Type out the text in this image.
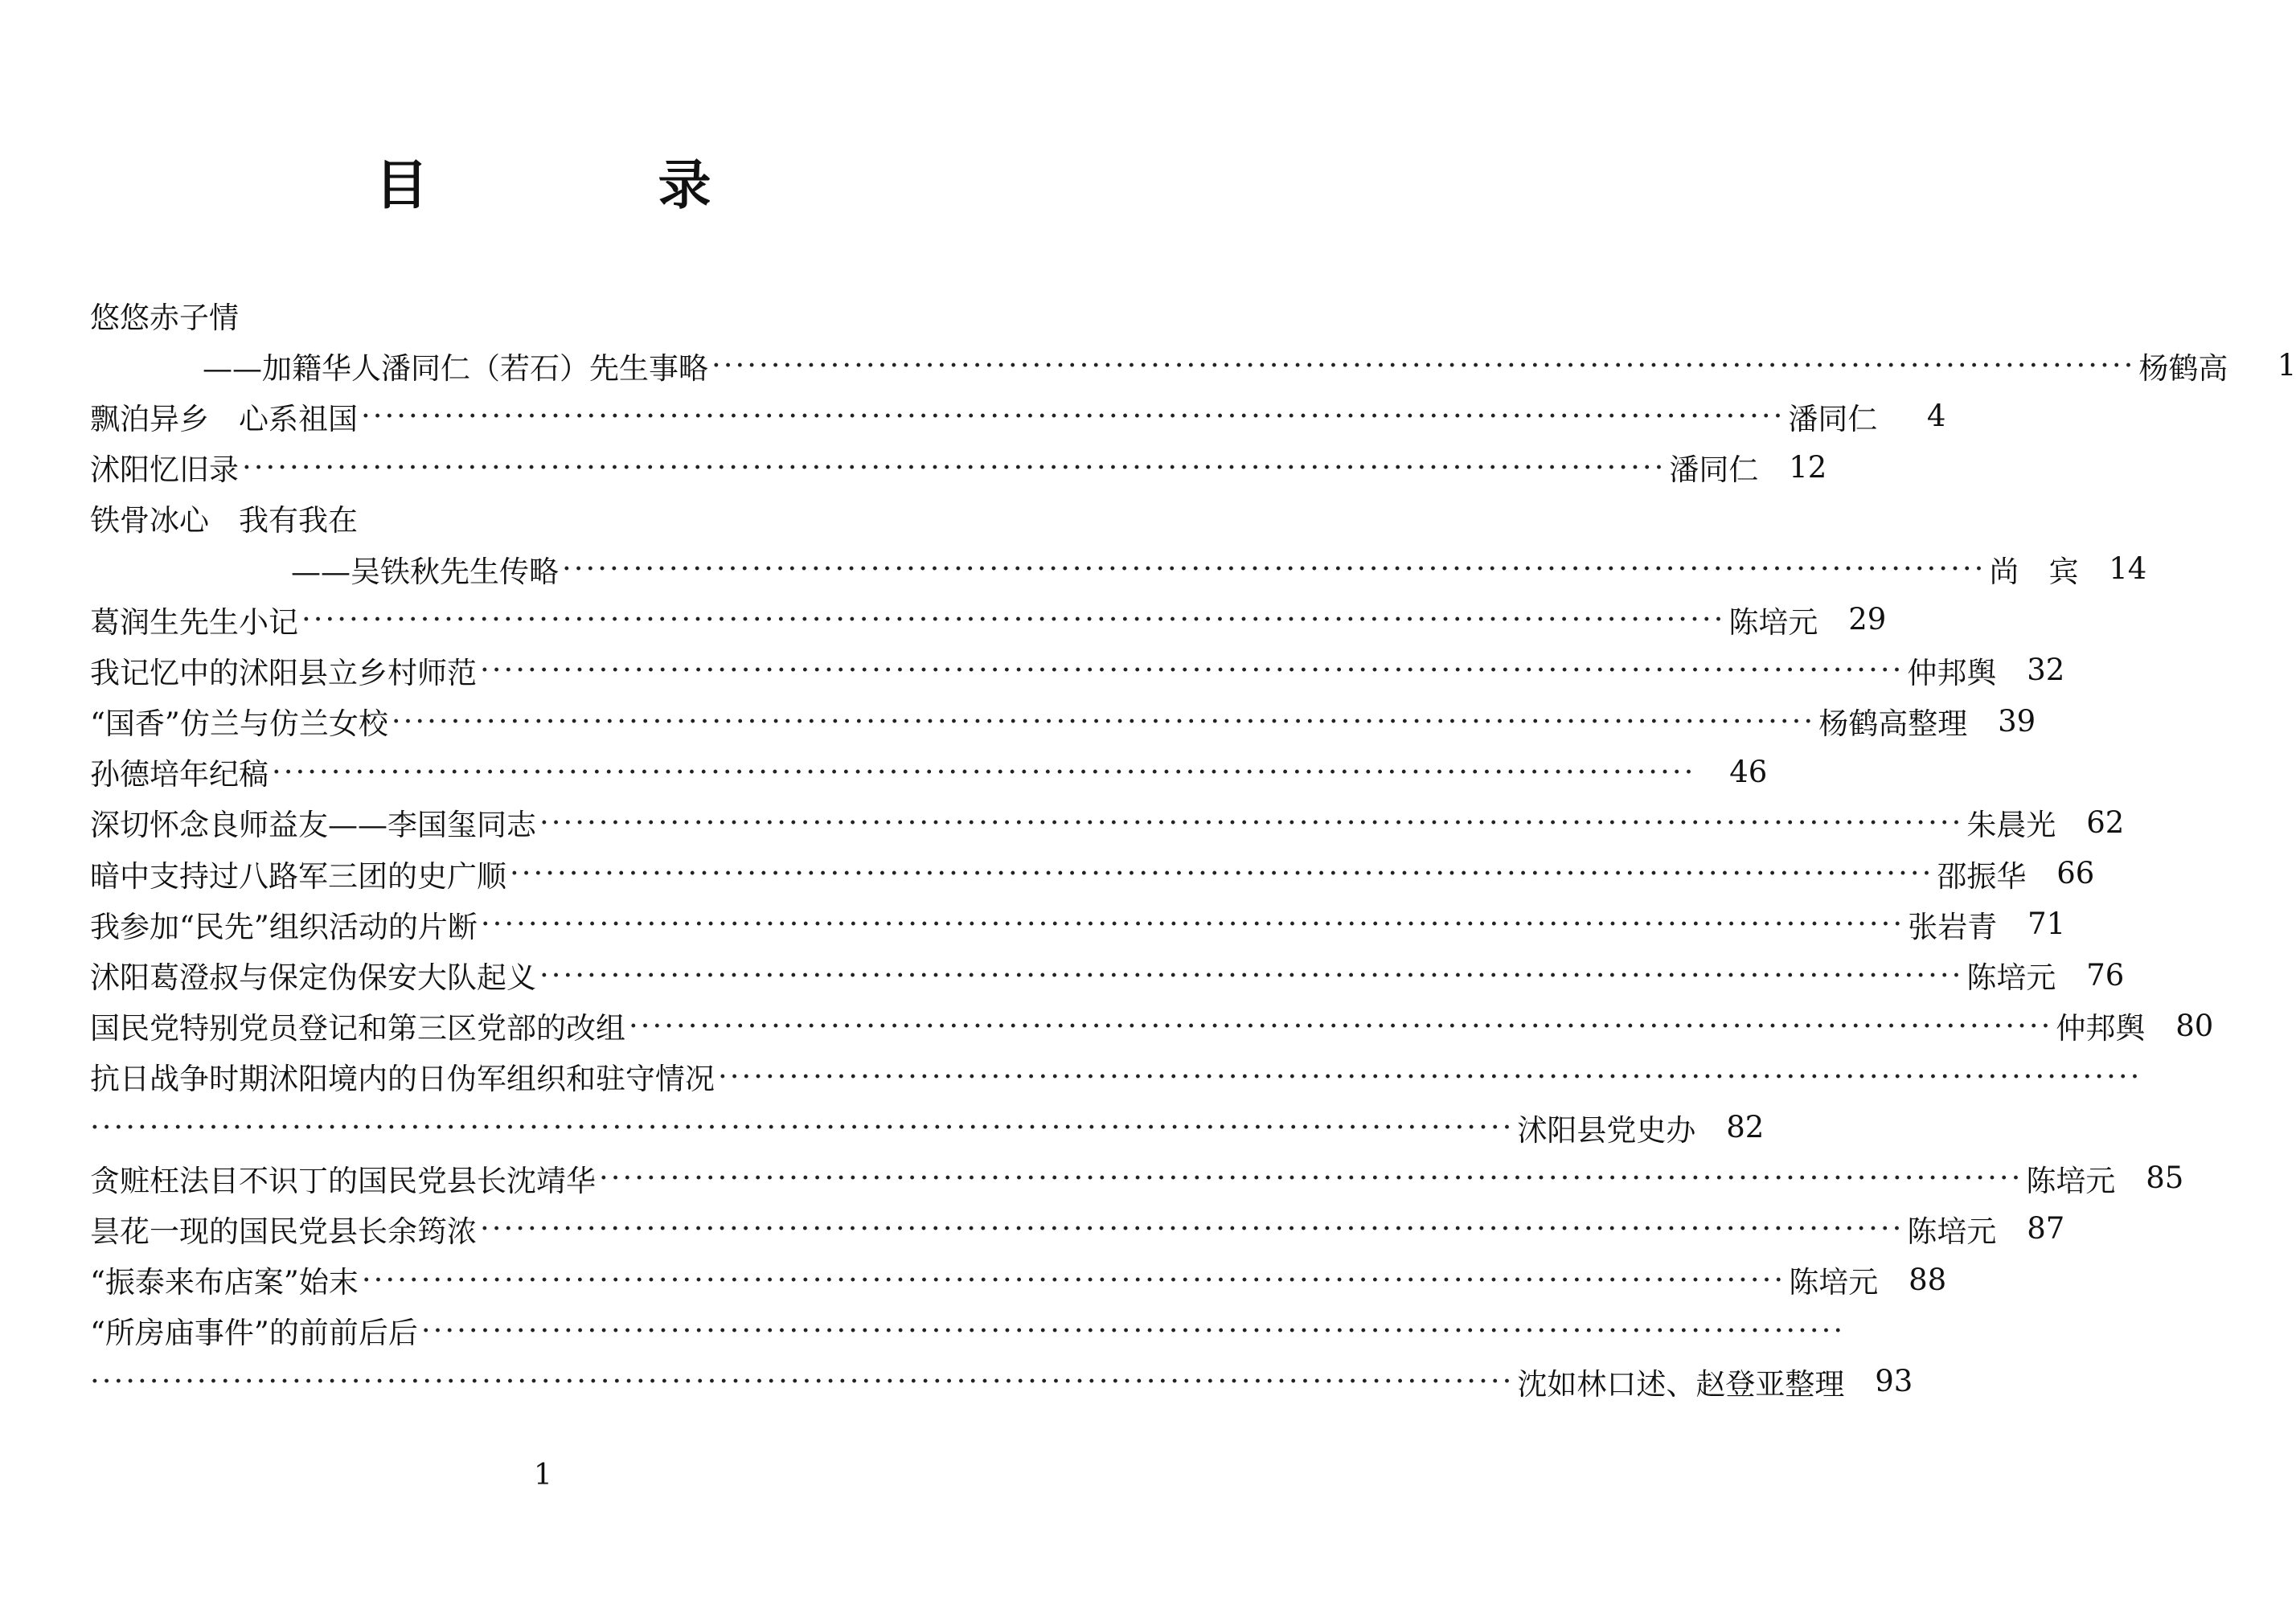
目　录
悠悠赤子情
——加籍华人潘同仁（若石）先生事略 ························································································································ 杨鹤高	1
飘泊异乡　心系祖国 ························································································································ 潘同仁	4
沭阳忆旧录 ························································································································ 潘同仁	12
铁骨冰心　我有我在
——吴铁秋先生传略 ························································································································ 尚　宾	14
葛润生先生小记 ························································································································ 陈培元	29
我记忆中的沭阳县立乡村师范 ························································································································ 仲邦舆	32
“国香”仿兰与仿兰女校 ························································································································ 杨鹤高整理	39
孙德培年纪稿 ························································································································	46
深切怀念良师益友——李国玺同志 ························································································································ 朱晨光	62
暗中支持过八路军三团的史广顺 ························································································································ 邵振华	66
我参加“民先”组织活动的片断 ························································································································ 张岩青	71
沭阳葛澄叔与保定伪保安大队起义 ························································································································ 陈培元	76
国民党特别党员登记和第三区党部的改组 ························································································································ 仲邦舆	80
抗日战争时期沭阳境内的日伪军组织和驻守情况 ························································································································
························································································································ 沭阳县党史办	82
贪赃枉法目不识丁的国民党县长沈靖华 ························································································································ 陈培元	85
昙花一现的国民党县长余筠浓 ························································································································ 陈培元	87
“振泰来布店案”始末 ························································································································ 陈培元	88
“所房庙事件”的前前后后 ························································································································
························································································································ 沈如林口述、赵登亚整理	93
1
